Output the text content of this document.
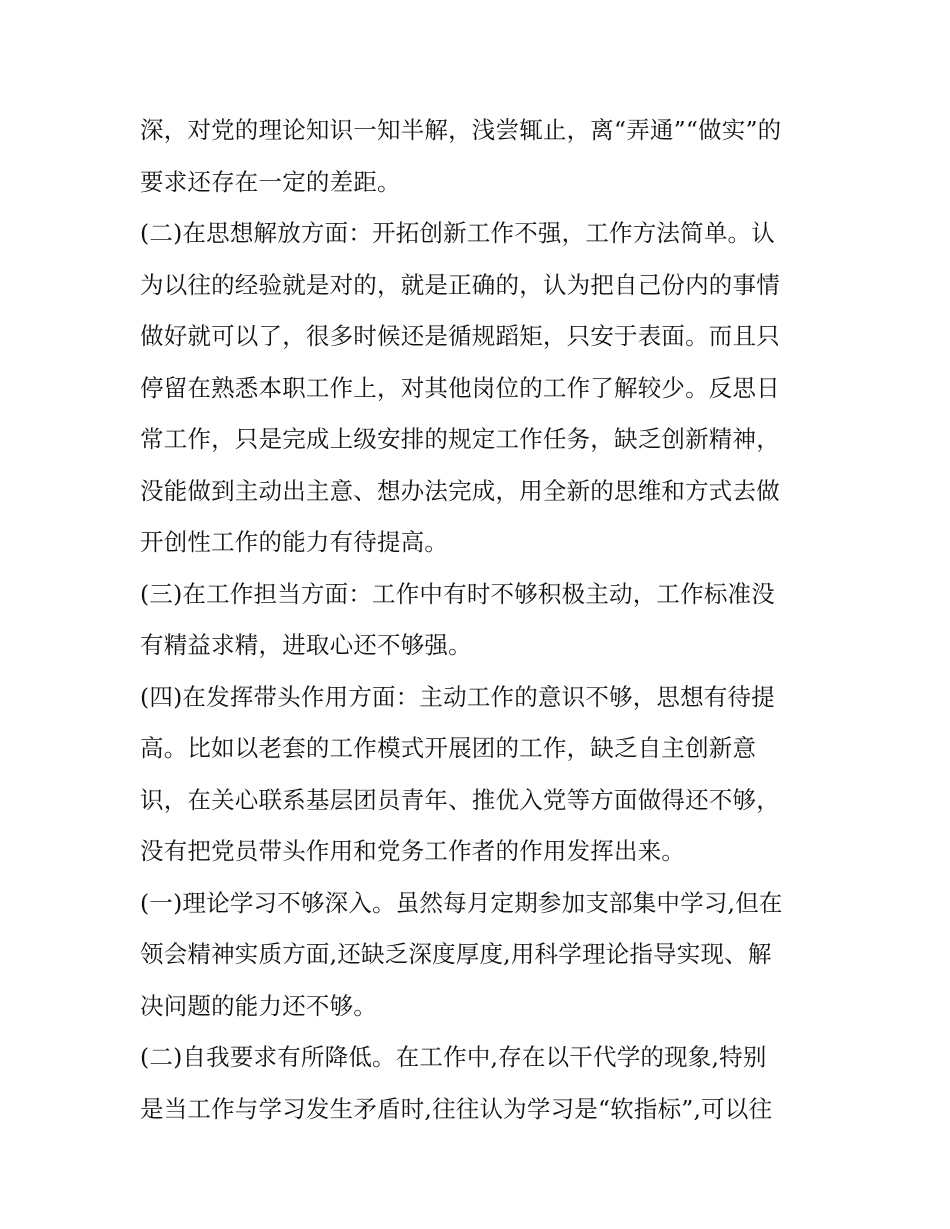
深，对党的理论知识一知半解，浅尝辄止，离“弄通”“做实”的
要求还存在一定的差距。
(二)在思想解放方面：开拓创新工作不强，工作方法简单。认
为以往的经验就是对的，就是正确的，认为把自己份内的事情
做好就可以了，很多时候还是循规蹈矩，只安于表面。而且只
停留在熟悉本职工作上，对其他岗位的工作了解较少。反思日
常工作，只是完成上级安排的规定工作任务，缺乏创新精神，
没能做到主动出主意、想办法完成，用全新的思维和方式去做
开创性工作的能力有待提高。
(三)在工作担当方面：工作中有时不够积极主动，工作标准没
有精益求精，进取心还不够强。
(四)在发挥带头作用方面：主动工作的意识不够，思想有待提
高。比如以老套的工作模式开展团的工作，缺乏自主创新意
识，在关心联系基层团员青年、推优入党等方面做得还不够，
没有把党员带头作用和党务工作者的作用发挥出来。
(一)理论学习不够深入。虽然每月定期参加支部集中学习,但在
领会精神实质方面,还缺乏深度厚度,用科学理论指导实现、解
决问题的能力还不够。
(二)自我要求有所降低。在工作中,存在以干代学的现象,特别
是当工作与学习发生矛盾时,往往认为学习是“软指标”,可以往
